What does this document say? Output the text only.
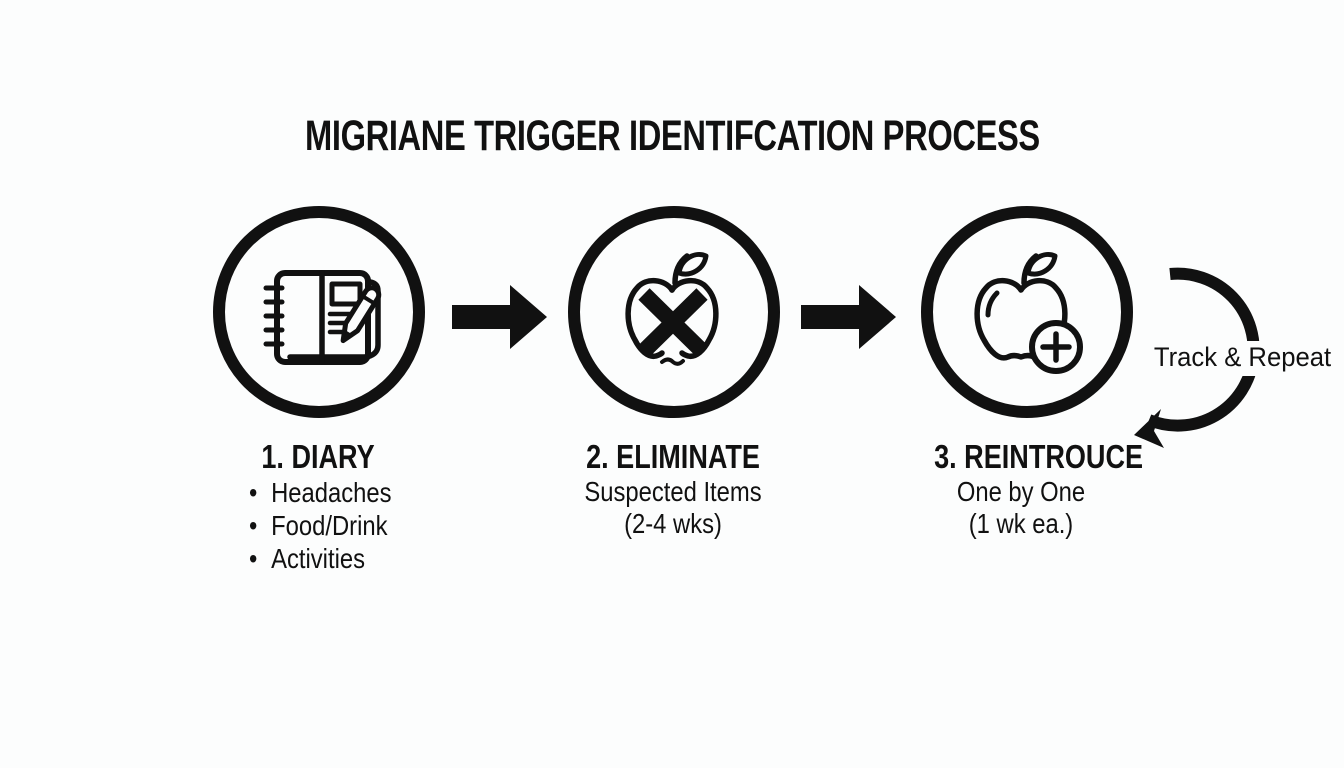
MIGRIANE TRIGGER IDENTIFCATION PROCESS
Track & Repeat
1. DIARY
• Headaches
• Food/Drink
• Activities
2. ELIMINATE
Suspected Items
(2-4 wks)
3. REINTROUCE
One by One
(1 wk ea.)
